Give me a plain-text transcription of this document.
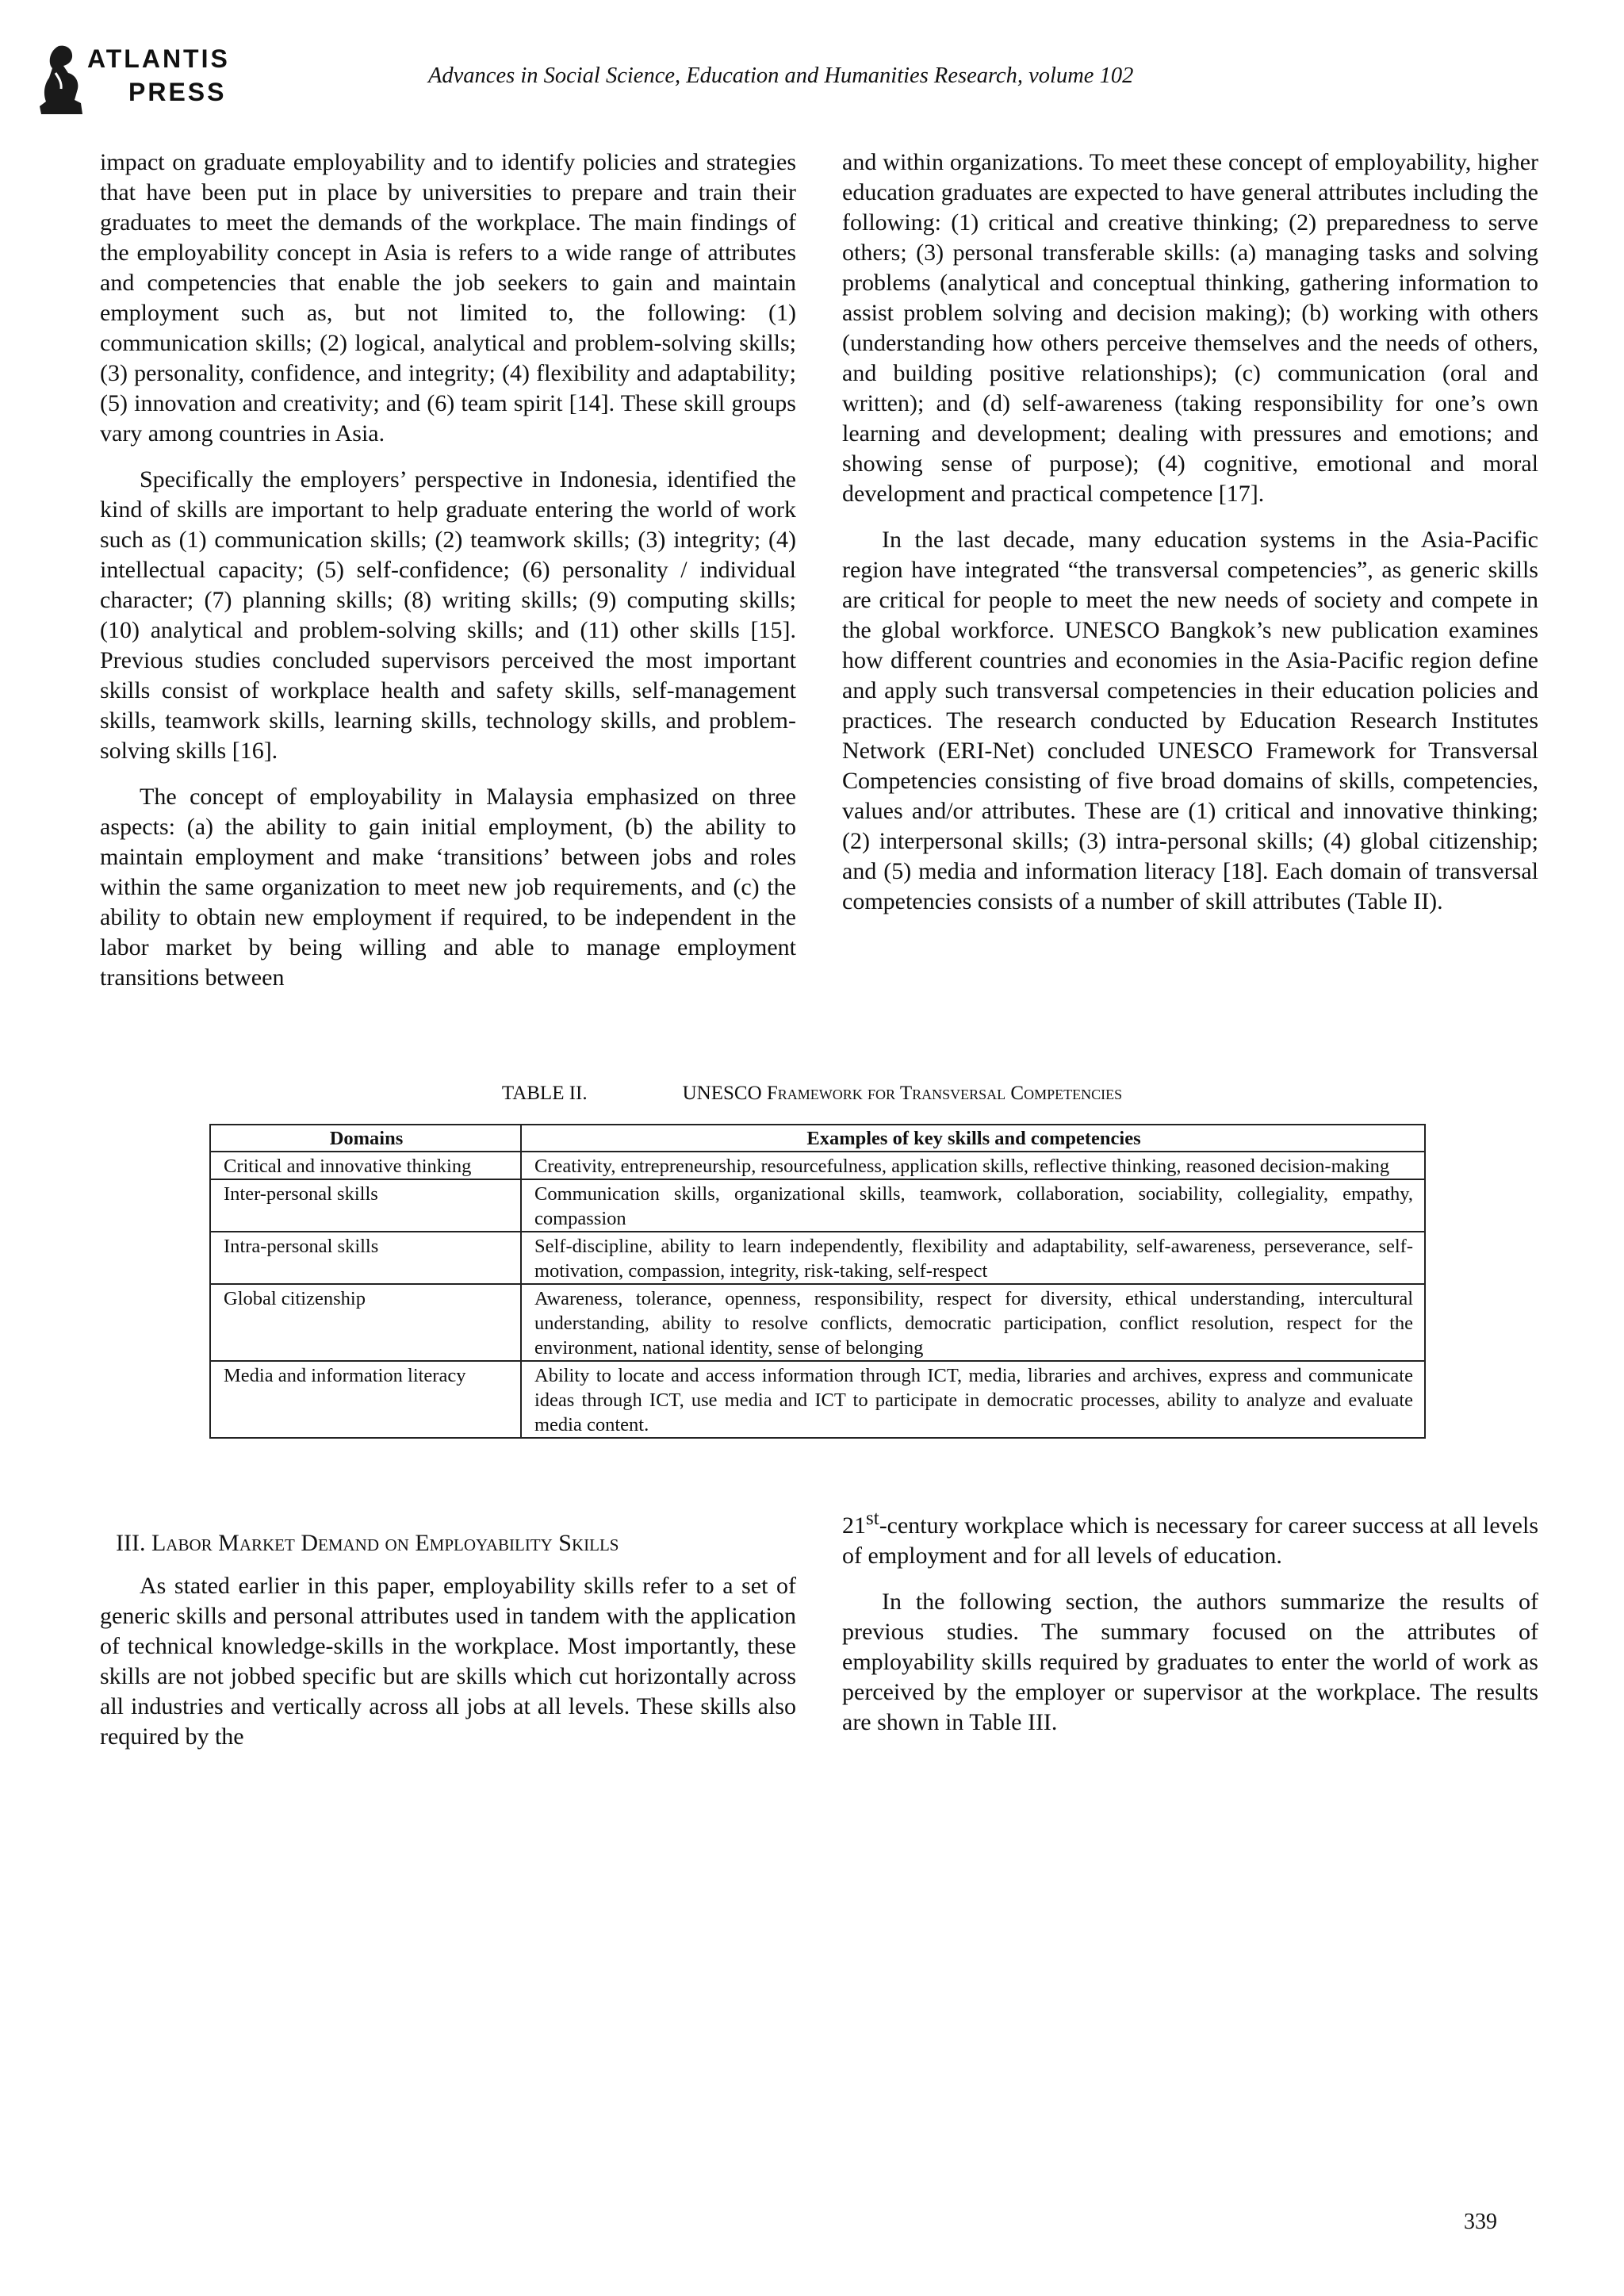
ATLANTIS
PRESS
Advances in Social Science, Education and Humanities Research, volume 102

impact on graduate employability and to identify policies and strategies that have been put in place by universities to prepare and train their graduates to meet the demands of the workplace. The main findings of the employability concept in Asia is refers to a wide range of attributes and competencies that enable the job seekers to gain and maintain employment such as, but not limited to, the following: (1) communication skills; (2) logical, analytical and problem-solving skills; (3) personality, confidence, and integrity; (4) flexibility and adaptability; (5) innovation and creativity; and (6) team spirit [14]. These skill groups vary among countries in Asia.

Specifically the employers’ perspective in Indonesia, identified the kind of skills are important to help graduate entering the world of work such as (1) communication skills; (2) teamwork skills; (3) integrity; (4) intellectual capacity; (5) self-confidence; (6) personality / individual character; (7) planning skills; (8) writing skills; (9) computing skills; (10) analytical and problem-solving skills; and (11) other skills [15]. Previous studies concluded supervisors perceived the most important skills consist of workplace health and safety skills, self-management skills, teamwork skills, learning skills, technology skills, and problem-solving skills [16].

The concept of employability in Malaysia emphasized on three aspects: (a) the ability to gain initial employment, (b) the ability to maintain employment and make ‘transitions’ between jobs and roles within the same organization to meet new job requirements, and (c) the ability to obtain new employment if required, to be independent in the labor market by being willing and able to manage employment transitions between

and within organizations. To meet these concept of employability, higher education graduates are expected to have general attributes including the following: (1) critical and creative thinking; (2) preparedness to serve others; (3) personal transferable skills: (a) managing tasks and solving problems (analytical and conceptual thinking, gathering information to assist problem solving and decision making); (b) working with others (understanding how others perceive themselves and the needs of others, and building positive relationships); (c) communication (oral and written); and (d) self-awareness (taking responsibility for one’s own learning and development; dealing with pressures and emotions; and showing sense of purpose); (4) cognitive, emotional and moral development and practical competence [17].

In the last decade, many education systems in the Asia-Pacific region have integrated “the transversal competencies”, as generic skills are critical for people to meet the new needs of society and compete in the global workforce. UNESCO Bangkok’s new publication examines how different countries and economies in the Asia-Pacific region define and apply such transversal competencies in their education policies and practices. The research conducted by Education Research Institutes Network (ERI-Net) concluded UNESCO Framework for Transversal Competencies consisting of five broad domains of skills, competencies, values and/or attributes. These are (1) critical and innovative thinking; (2) interpersonal skills; (3) intra-personal skills; (4) global citizenship; and (5) media and information literacy [18]. Each domain of transversal competencies consists of a number of skill attributes (Table II).

TABLE II.	UNESCO Framework for Transversal Competencies
Domains	Examples of key skills and competencies
Critical and innovative thinking	Creativity, entrepreneurship, resourcefulness, application skills, reflective thinking, reasoned decision-making
Inter-personal skills	Communication skills, organizational skills, teamwork, collaboration, sociability, collegiality, empathy, compassion
Intra-personal skills	Self-discipline, ability to learn independently, flexibility and adaptability, self-awareness, perseverance, self-motivation, compassion, integrity, risk-taking, self-respect
Global citizenship	Awareness, tolerance, openness, responsibility, respect for diversity, ethical understanding, intercultural understanding, ability to resolve conflicts, democratic participation, conflict resolution, respect for the environment, national identity, sense of belonging
Media and information literacy	Ability to locate and access information through ICT, media, libraries and archives, express and communicate ideas through ICT, use media and ICT to participate in democratic processes, ability to analyze and evaluate media content.
III. Labor Market Demand on Employability Skills

As stated earlier in this paper, employability skills refer to a set of generic skills and personal attributes used in tandem with the application of technical knowledge-skills in the workplace. Most importantly, these skills are not jobbed specific but are skills which cut horizontally across all industries and vertically across all jobs at all levels. These skills also required by the

21st-century workplace which is necessary for career success at all levels of employment and for all levels of education.

In the following section, the authors summarize the results of previous studies. The summary focused on the attributes of employability skills required by graduates to enter the world of work as perceived by the employer or supervisor at the workplace. The results are shown in Table III.

339
